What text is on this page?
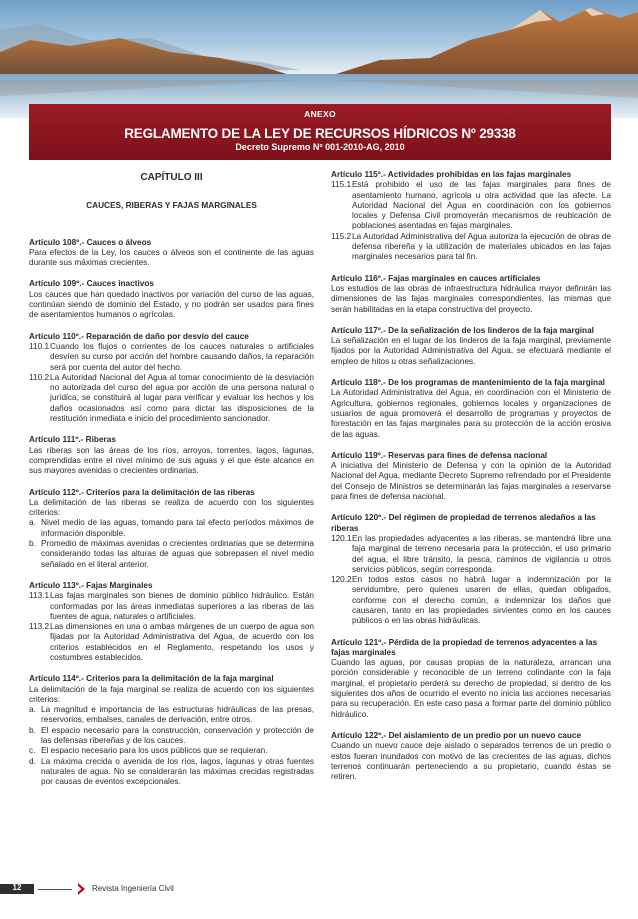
ANEXO
REGLAMENTO DE LA LEY DE RECURSOS HÍDRICOS Nº 29338
Decreto Supremo Nº 001-2010-AG, 2010
CAPÍTULO III
CAUCES, RIBERAS Y FAJAS MARGINALES
Artículo 108º.- Cauces o álveos
Para efectos de la Ley, los cauces o álveos son el continente de las aguas durante sus máximas crecientes.
Artículo 109º.- Cauces inactivos
Los cauces que han quedado inactivos por variación del curso de las aguas, continúan siendo de dominio del Estado, y no podrán ser usados para fines de asentamientos humanos o agrícolas.
Artículo 110º.- Reparación de daño por desvío del cauce
110.1 Cuando los flujos o corrientes de los cauces naturales o artificiales desvíen su curso por acción del hombre causando daños, la reparación será por cuenta del autor del hecho.
110.2 La Autoridad Nacional del Agua al tomar conocimiento de la desviación no autorizada del curso del agua por acción de una persona natural o jurídica, se constituirá al lugar para verificar y evaluar los hechos y los daños ocasionados así como para dictar las disposiciones de la restitución inmediata e inicio del procedimiento sancionador.
Artículo 111º.- Riberas
Las riberas son las áreas de los ríos, arroyos, torrentes, lagos, lagunas, comprendidas entre el nivel mínimo de sus aguas y el que éste alcance en sus mayores avenidas o crecientes ordinarias.
Artículo 112º.- Criterios para la delimitación de las riberas
La delimitación de las riberas se realiza de acuerdo con los siguientes criterios:
a. Nivel medio de las aguas, tomando para tal efecto períodos máximos de información disponible.
b. Promedio de máximas avenidas o crecientes ordinarias que se determina considerando todas las alturas de aguas que sobrepasen el nivel medio señalado en el literal anterior.
Artículo 113º.- Fajas Marginales
113.1 Las fajas marginales son bienes de dominio público hidráulico. Están conformadas por las áreas inmediatas superiores a las riberas de las fuentes de agua, naturales o artificiales.
113.2 Las dimensiones en una o ambas márgenes de un cuerpo de agua son fijadas por la Autoridad Administrativa del Agua, de acuerdo con los criterios establecidos en el Reglamento, respetando los usos y costumbres establecidos.
Artículo 114º.- Criterios para la delimitación de la faja marginal
La delimitación de la faja marginal se realiza de acuerdo con los siguientes criterios:
a. La magnitud e importancia de las estructuras hidráulicas de las presas, reservorios, embalses, canales de derivación, entre otros.
b. El espacio necesario para la construcción, conservación y protección de las defensas ribereñas y de los cauces.
c. El espacio necesario para los usos públicos que se requieran.
d. La máxima crecida o avenida de los ríos, lagos, lagunas y otras fuentes naturales de agua. No se considerarán las máximas crecidas registradas por causas de eventos excepcionales.
Artículo 115º.- Actividades prohibidas en las fajas marginales
115.1 Está prohibido el uso de las fajas marginales para fines de asentamiento humano, agrícola u otra actividad que las afecte. La Autoridad Nacional del Agua en coordinación con los gobiernos locales y Defensa Civil promoverán mecanismos de reubicación de poblaciones asentadas en fajas marginales.
115.2 La Autoridad Administrativa del Agua autoriza la ejecución de obras de defensa ribereña y la utilización de materiales ubicados en las fajas marginales necesarios para tal fin.
Artículo 116º.- Fajas marginales en cauces artificiales
Los estudios de las obras de infraestructura hidráulica mayor definirán las dimensiones de las fajas marginales correspondientes, las mismas que serán habilitadas en la etapa constructiva del proyecto.
Artículo 117º.- De la señalización de los linderos de la faja marginal
La señalización en el lugar de los linderos de la faja marginal, previamente fijados por la Autoridad Administrativa del Agua, se efectuará mediante el empleo de hitos u otras señalizaciones.
Artículo 118º.- De los programas de mantenimiento de la faja marginal
La Autoridad Administrativa del Agua, en coordinación con el Ministerio de Agricultura, gobiernos regionales, gobiernos locales y organizaciones de usuarios de agua promoverá el desarrollo de programas y proyectos de forestación en las fajas marginales para su protección de la acción erosiva de las aguas.
Artículo 119º.- Reservas para fines de defensa nacional
A iniciativa del Ministerio de Defensa y con la opinión de la Autoridad Nacional del Agua, mediante Decreto Supremo refrendado por el Presidente del Consejo de Ministros se determinarán las fajas marginales a reservarse para fines de defensa nacional.
Artículo 120º.- Del régimen de propiedad de terrenos aledaños a las riberas
120.1 En las propiedades adyacentes a las riberas, se mantendrá libre una faja marginal de terreno necesaria para la protección, el uso primario del agua, el libre tránsito, la pesca, caminos de vigilancia u otros servicios públicos, según corresponda.
120.2 En todos estos casos no habrá lugar a indemnización por la servidumbre, pero quienes usaren de ellas, quedan obligados, conforme con el derecho común, a indemnizar los daños que causaren, tanto en las propiedades sirvientes como en los cauces públicos o en las obras hidráulicas.
Artículo 121º.- Pérdida de la propiedad de terrenos adyacentes a las fajas marginales
Cuando las aguas, por causas propias de la naturaleza, arrancan una porción considerable y reconocible de un terreno colindante con la faja marginal, el propietario perderá su derecho de propiedad, si dentro de los siguientes dos años de ocurrido el evento no inicia las acciones necesarias para su recuperación. En este caso pasa a formar parte del dominio público hidráulico.
Artículo 122º.- Del aislamiento de un predio por un nuevo cauce
Cuando un nuevo cauce deje aislado o separados terrenos de un predio o estos fueran inundados con motivo de las crecientes de las aguas, dichos terrenos continuarán perteneciendo a su propietario, cuando éstas se retiren.
12	Revista Ingeniería Civil
